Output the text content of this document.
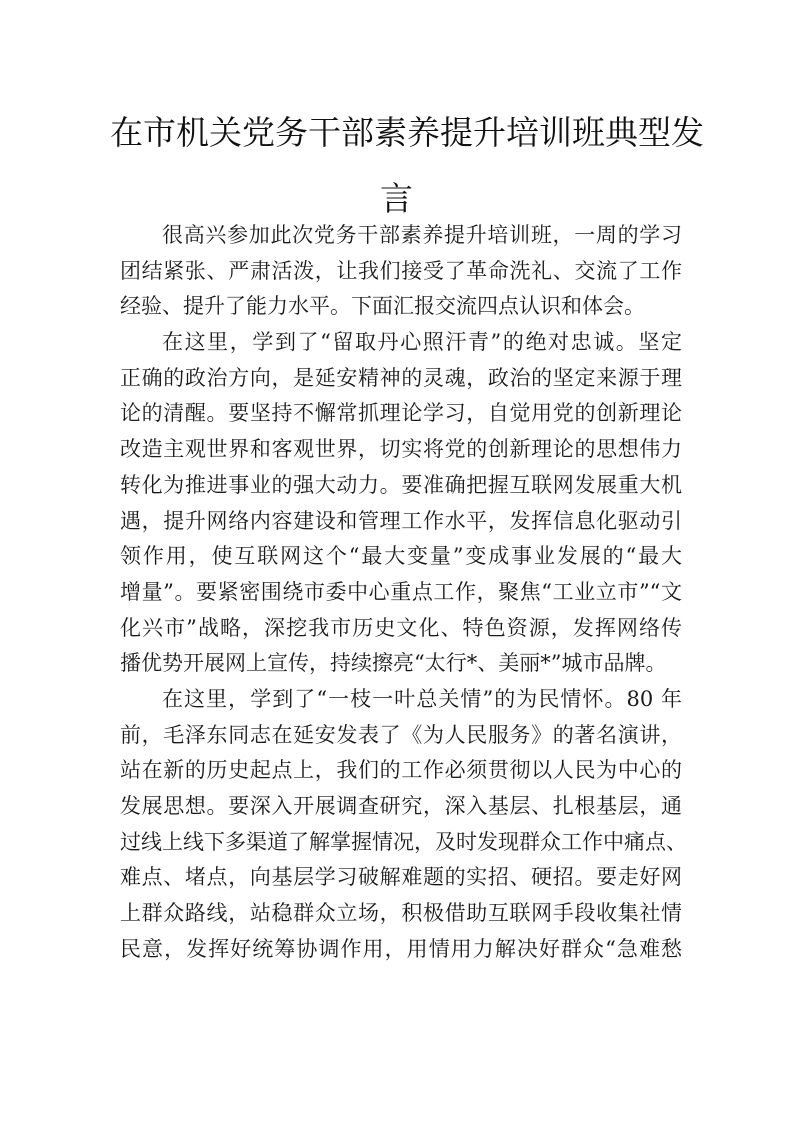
在市机关党务干部素养提升培训班典型发
言
很高兴参加此次党务干部素养提升培训班，一周的学习
团结紧张、严肃活泼，让我们接受了革命洗礼、交流了工作
经验、提升了能力水平。下面汇报交流四点认识和体会。
在这里，学到了“留取丹心照汗青”的绝对忠诚。坚定
正确的政治方向，是延安精神的灵魂，政治的坚定来源于理
论的清醒。要坚持不懈常抓理论学习，自觉用党的创新理论
改造主观世界和客观世界，切实将党的创新理论的思想伟力
转化为推进事业的强大动力。要准确把握互联网发展重大机
遇，提升网络内容建设和管理工作水平，发挥信息化驱动引
领作用，使互联网这个“最大变量”变成事业发展的“最大
增量”。要紧密围绕市委中心重点工作，聚焦“工业立市”“文
化兴市”战略，深挖我市历史文化、特色资源，发挥网络传
播优势开展网上宣传，持续擦亮“太行*、美丽*”城市品牌。
在这里，学到了“一枝一叶总关情”的为民情怀。80 年
前，毛泽东同志在延安发表了《为人民服务》的著名演讲，
站在新的历史起点上，我们的工作必须贯彻以人民为中心的
发展思想。要深入开展调查研究，深入基层、扎根基层，通
过线上线下多渠道了解掌握情况，及时发现群众工作中痛点、
难点、堵点，向基层学习破解难题的实招、硬招。要走好网
上群众路线，站稳群众立场，积极借助互联网手段收集社情
民意，发挥好统筹协调作用，用情用力解决好群众“急难愁
